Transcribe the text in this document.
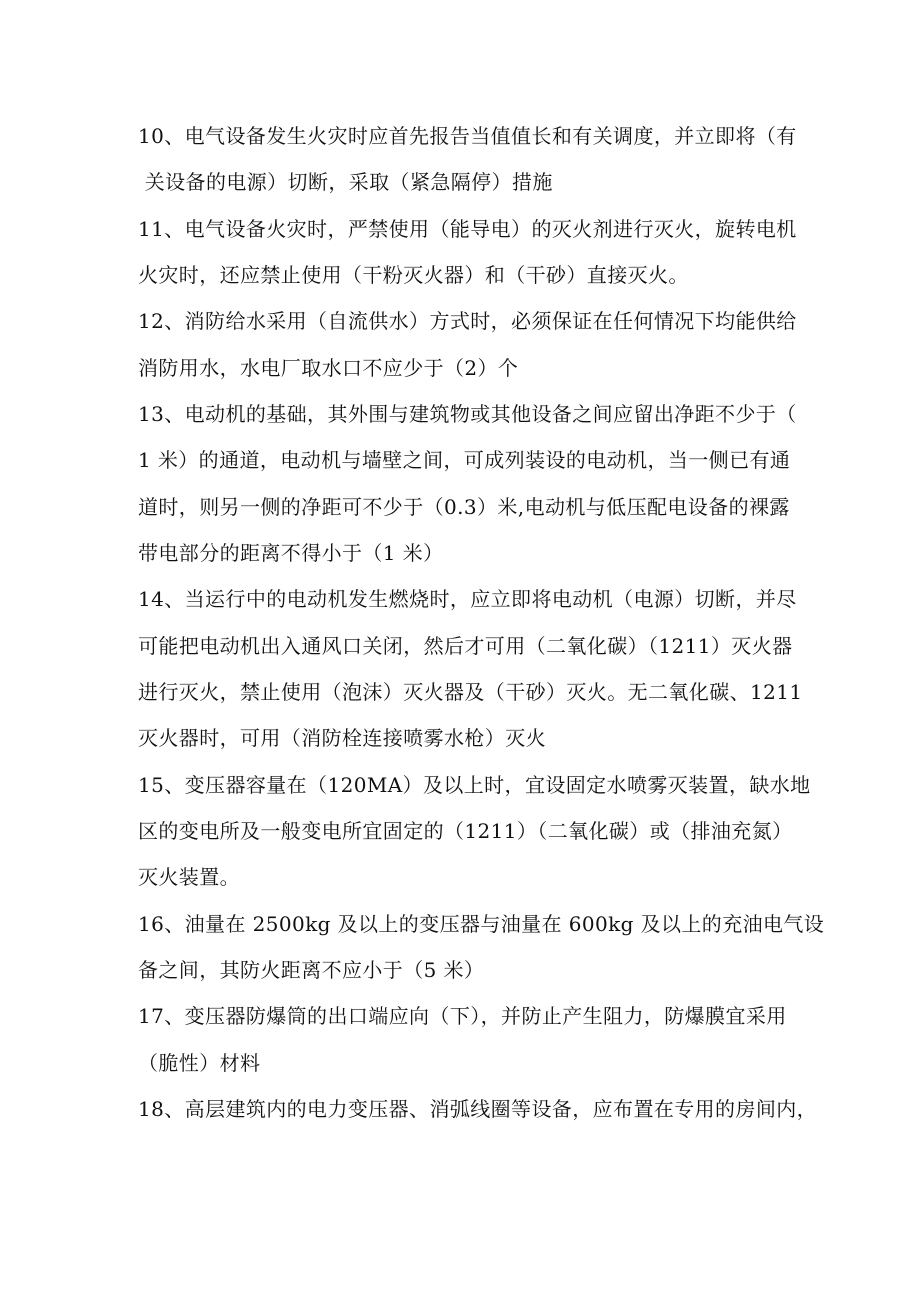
10、电气设备发生火灾时应首先报告当值值长和有关调度，并立即将（有
关设备的电源）切断，采取（紧急隔停）措施
11、电气设备火灾时，严禁使用（能导电）的灭火剂进行灭火，旋转电机
火灾时，还应禁止使用（干粉灭火器）和（干砂）直接灭火。
12、消防给水采用（自流供水）方式时，必须保证在任何情况下均能供给
消防用水，水电厂取水口不应少于（2）个
13、电动机的基础，其外围与建筑物或其他设备之间应留出净距不少于（
1 米）的通道，电动机与墙壁之间，可成列装设的电动机，当一侧已有通
道时，则另一侧的净距可不少于（0.3）米,电动机与低压配电设备的裸露
带电部分的距离不得小于（1 米）
14、当运行中的电动机发生燃烧时，应立即将电动机（电源）切断，并尽
可能把电动机出入通风口关闭，然后才可用（二氧化碳）（1211）灭火器
进行灭火，禁止使用（泡沫）灭火器及（干砂）灭火。无二氧化碳、1211
灭火器时，可用（消防栓连接喷雾水枪）灭火
15、变压器容量在（120MA）及以上时，宜设固定水喷雾灭装置，缺水地
区的变电所及一般变电所宜固定的（1211）（二氧化碳）或（排油充氮）
灭火装置。
16、油量在 2500kg 及以上的变压器与油量在 600kg 及以上的充油电气设
备之间，其防火距离不应小于（5 米）
17、变压器防爆筒的出口端应向（下），并防止产生阻力，防爆膜宜采用
（脆性）材料
18、高层建筑内的电力变压器、消弧线圈等设备，应布置在专用的房间内，
